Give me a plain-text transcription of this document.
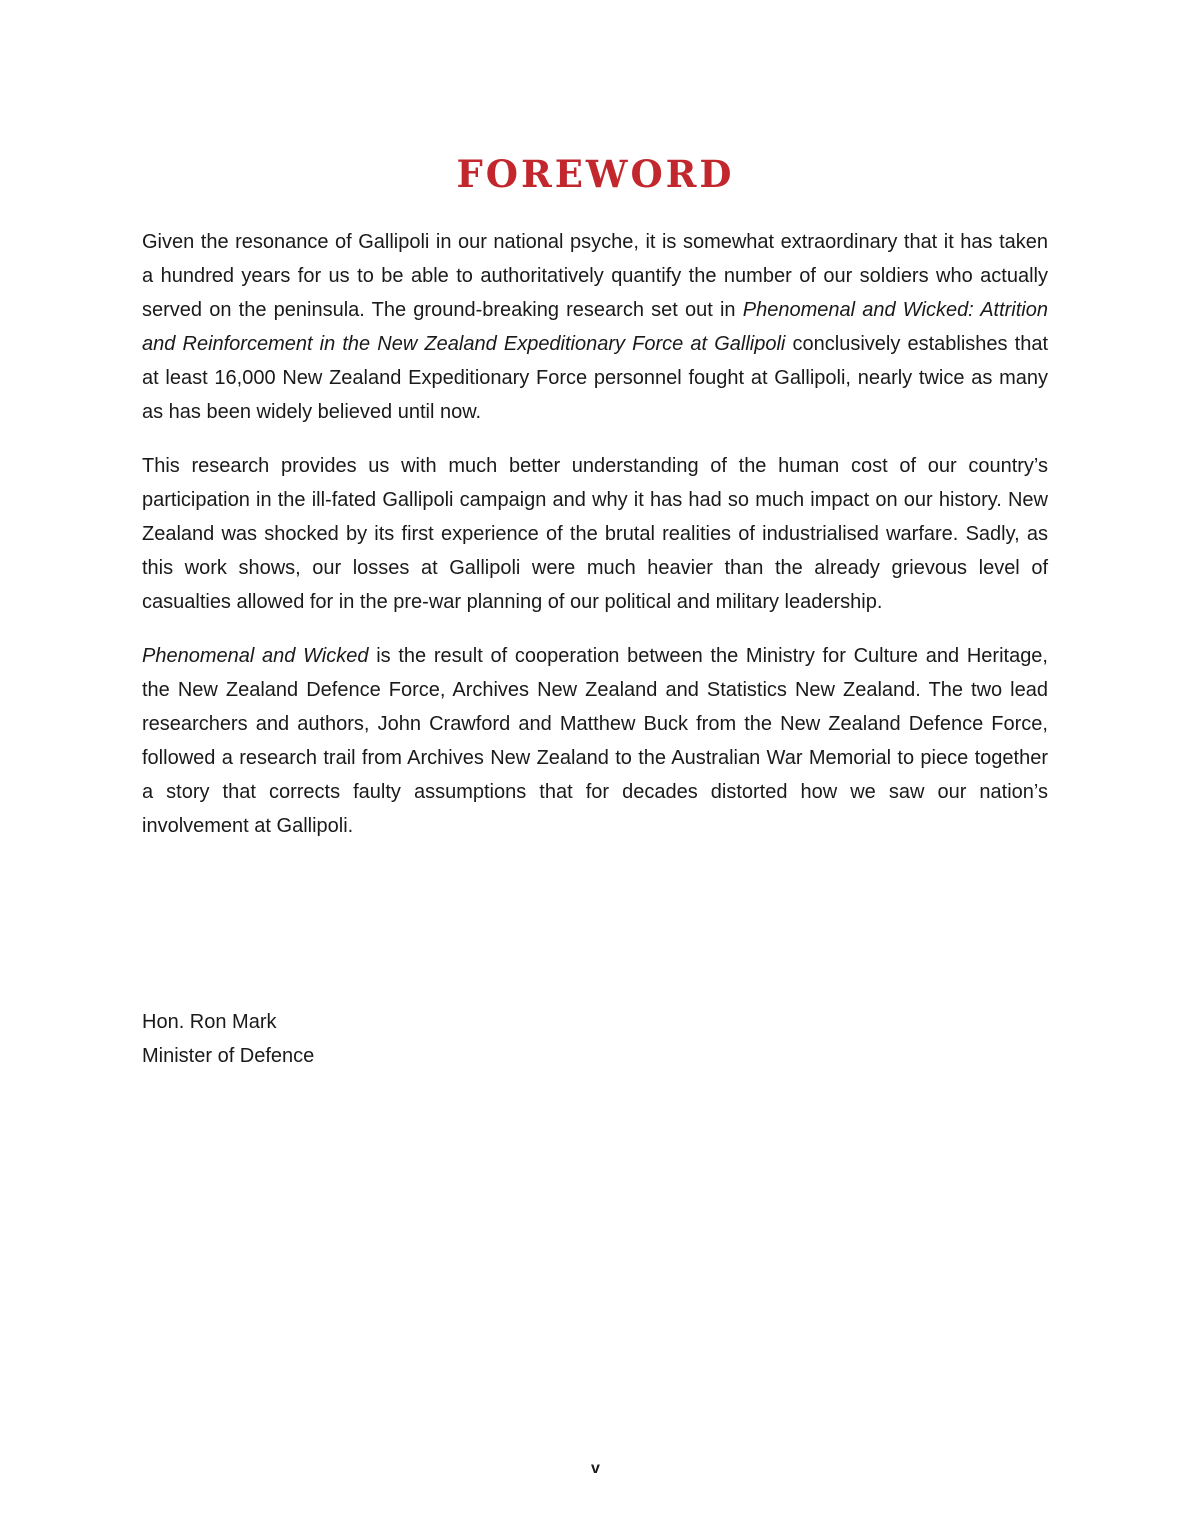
FOREWORD

Given the resonance of Gallipoli in our national psyche, it is somewhat extraordinary that it has taken a hundred years for us to be able to authoritatively quantify the number of our soldiers who actually served on the peninsula. The ground-breaking research set out in Phenomenal and Wicked: Attrition and Reinforcement in the New Zealand Expeditionary Force at Gallipoli conclusively establishes that at least 16,000 New Zealand Expeditionary Force personnel fought at Gallipoli, nearly twice as many as has been widely believed until now.

This research provides us with much better understanding of the human cost of our country’s participation in the ill-fated Gallipoli campaign and why it has had so much impact on our history. New Zealand was shocked by its first experience of the brutal realities of industrialised warfare. Sadly, as this work shows, our losses at Gallipoli were much heavier than the already grievous level of casualties allowed for in the pre-war planning of our political and military leadership.

Phenomenal and Wicked is the result of cooperation between the Ministry for Culture and Heritage, the New Zealand Defence Force, Archives New Zealand and Statistics New Zealand. The two lead researchers and authors, John Crawford and Matthew Buck from the New Zealand Defence Force, followed a research trail from Archives New Zealand to the Australian War Memorial to piece together a story that corrects faulty assumptions that for decades distorted how we saw our nation’s involvement at Gallipoli.

Hon. Ron Mark
Minister of Defence
v
